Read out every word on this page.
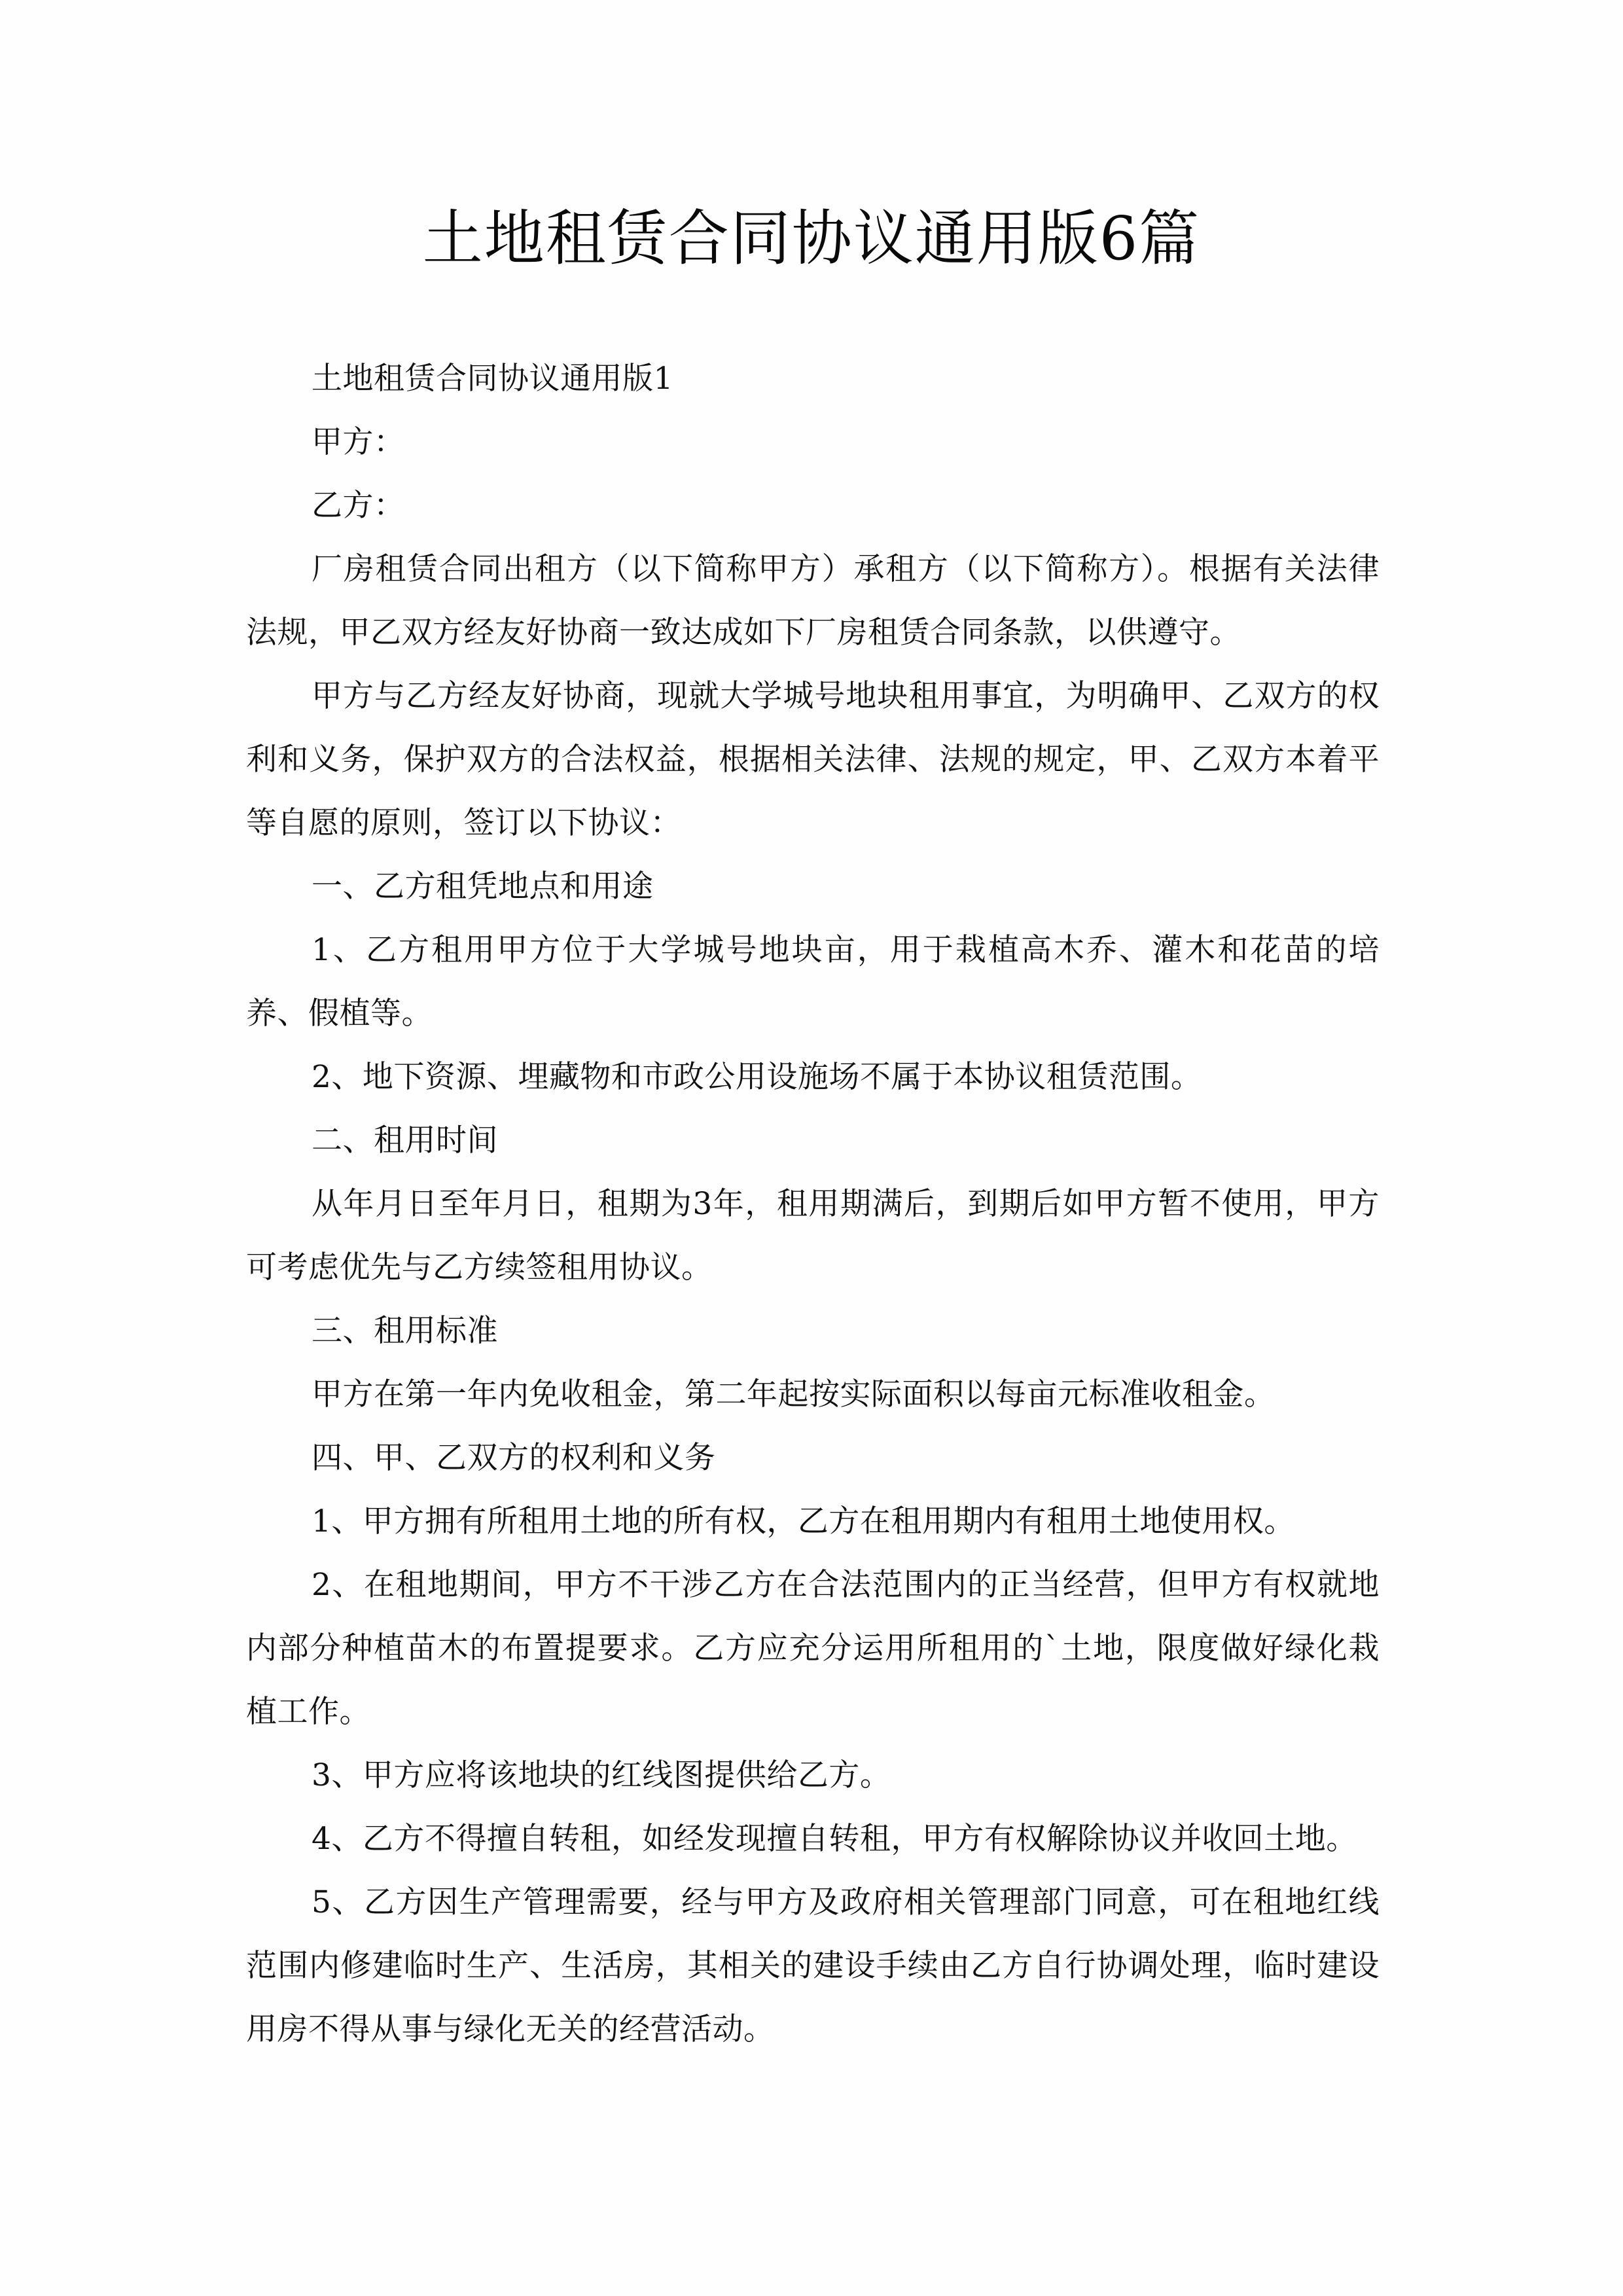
土地租赁合同协议通用版6篇

土地租赁合同协议通用版1

甲方：

乙方：

厂房租赁合同出租方（以下简称甲方）承租方（以下简称方）。根据有关法律法规，甲乙双方经友好协商一致达成如下厂房租赁合同条款，以供遵守。

甲方与乙方经友好协商，现就大学城号地块租用事宜，为明确甲、乙双方的权利和义务，保护双方的合法权益，根据相关法律、法规的规定，甲、乙双方本着平等自愿的原则，签订以下协议：

一、乙方租凭地点和用途

1、乙方租用甲方位于大学城号地块亩，用于栽植高木乔、灌木和花苗的培养、假植等。

2、地下资源、埋藏物和市政公用设施场不属于本协议租赁范围。

二、租用时间

从年月日至年月日，租期为3年，租用期满后，到期后如甲方暂不使用，甲方可考虑优先与乙方续签租用协议。

三、租用标准

甲方在第一年内免收租金，第二年起按实际面积以每亩元标准收租金。

四、甲、乙双方的权利和义务

1、甲方拥有所租用土地的所有权，乙方在租用期内有租用土地使用权。

2、在租地期间，甲方不干涉乙方在合法范围内的正当经营，但甲方有权就地内部分种植苗木的布置提要求。乙方应充分运用所租用的`土地，限度做好绿化栽植工作。

3、甲方应将该地块的红线图提供给乙方。

4、乙方不得擅自转租，如经发现擅自转租，甲方有权解除协议并收回土地。

5、乙方因生产管理需要，经与甲方及政府相关管理部门同意，可在租地红线范围内修建临时生产、生活房，其相关的建设手续由乙方自行协调处理，临时建设用房不得从事与绿化无关的经营活动。
